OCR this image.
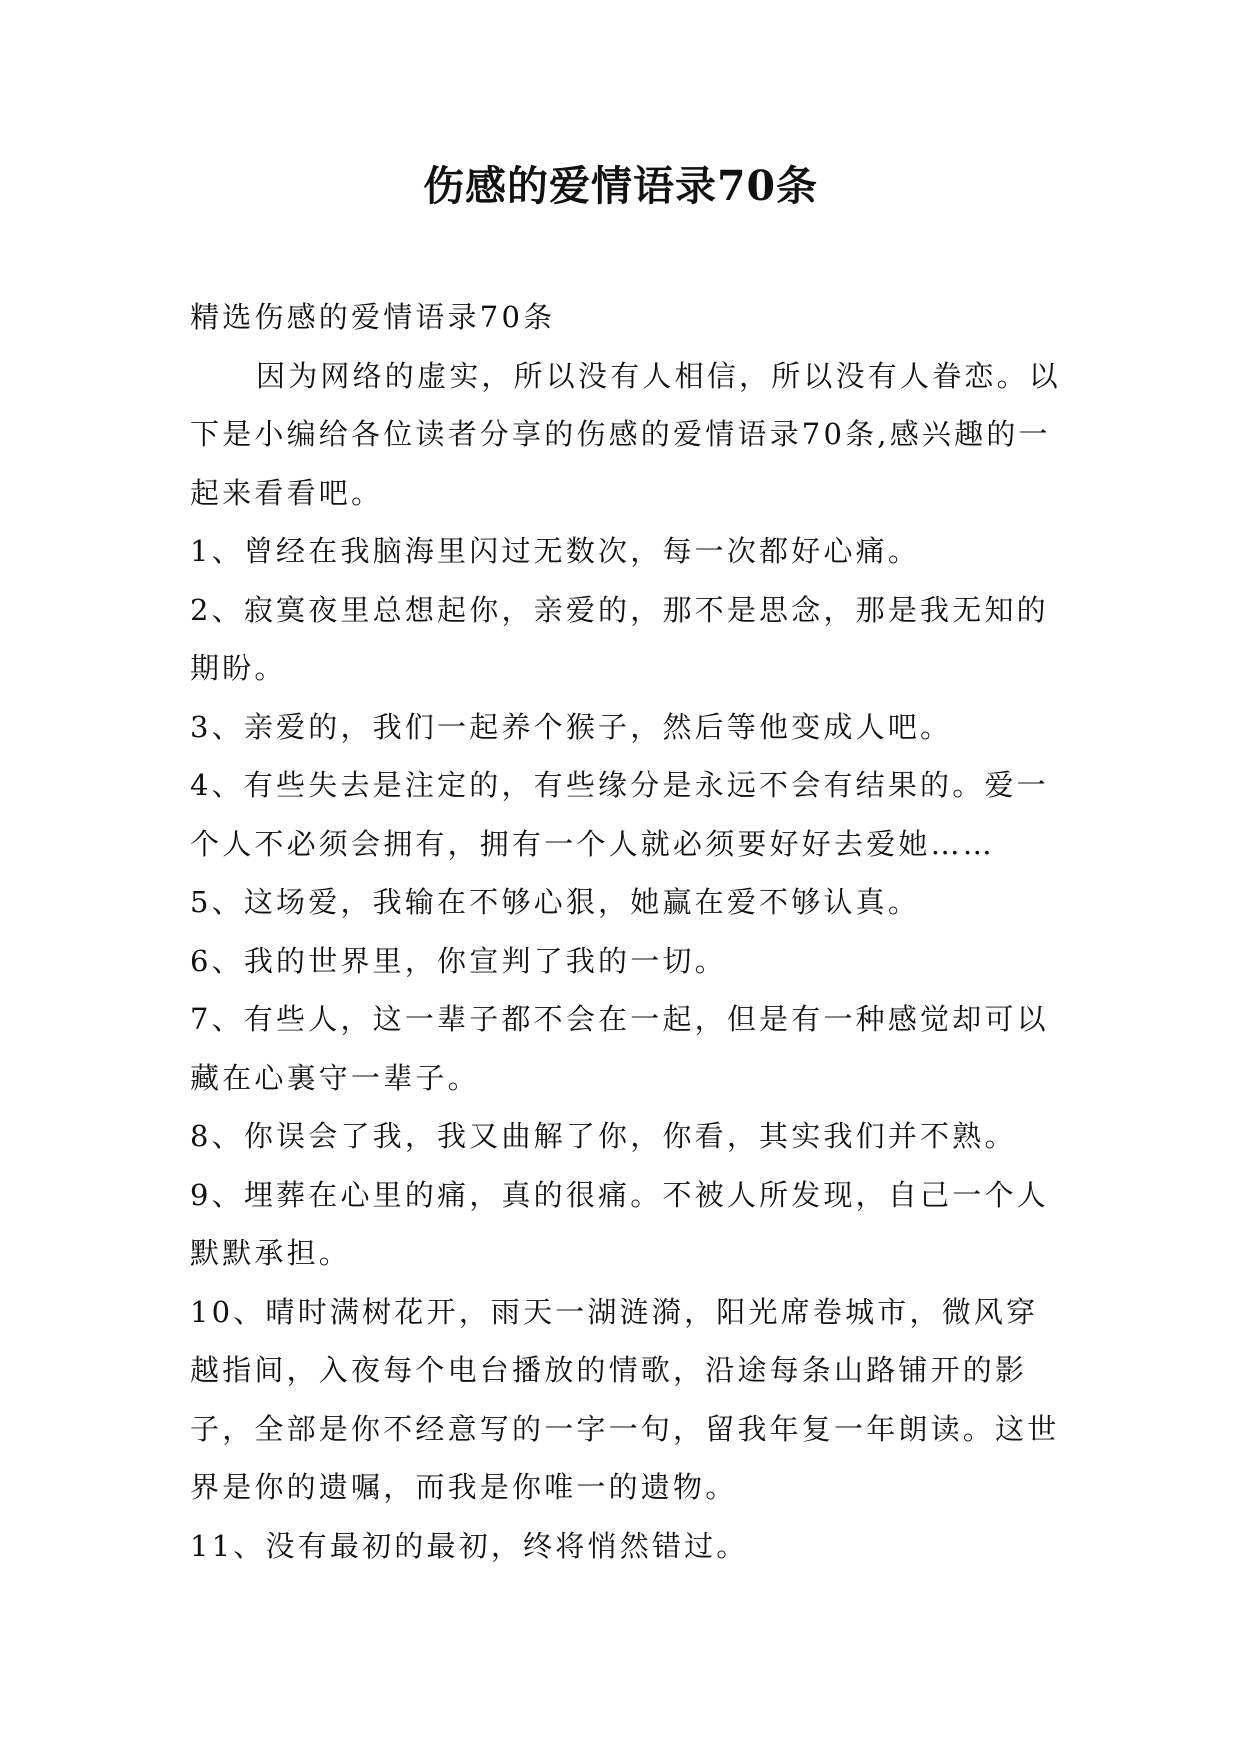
伤感的爱情语录70条

精选伤感的爱情语录70条

因为网络的虚实，所以没有人相信，所以没有人眷恋。以下是小编给各位读者分享的伤感的爱情语录70条,感兴趣的一起来看看吧。

1、曾经在我脑海里闪过无数次，每一次都好心痛。

2、寂寞夜里总想起你，亲爱的，那不是思念，那是我无知的期盼。

3、亲爱的，我们一起养个猴子，然后等他变成人吧。

4、有些失去是注定的，有些缘分是永远不会有结果的。爱一个人不必须会拥有，拥有一个人就必须要好好去爱她……

5、这场爱，我输在不够心狠，她赢在爱不够认真。

6、我的世界里，你宣判了我的一切。

7、有些人，这一辈子都不会在一起，但是有一种感觉却可以藏在心裏守一辈子。

8、你误会了我，我又曲解了你，你看，其实我们并不熟。

9、埋葬在心里的痛，真的很痛。不被人所发现，自己一个人默默承担。

10、晴时满树花开，雨天一湖涟漪，阳光席卷城市，微风穿越指间，入夜每个电台播放的情歌，沿途每条山路铺开的影子，全部是你不经意写的一字一句，留我年复一年朗读。这世界是你的遗嘱，而我是你唯一的遗物。

11、没有最初的最初，终将悄然错过。
